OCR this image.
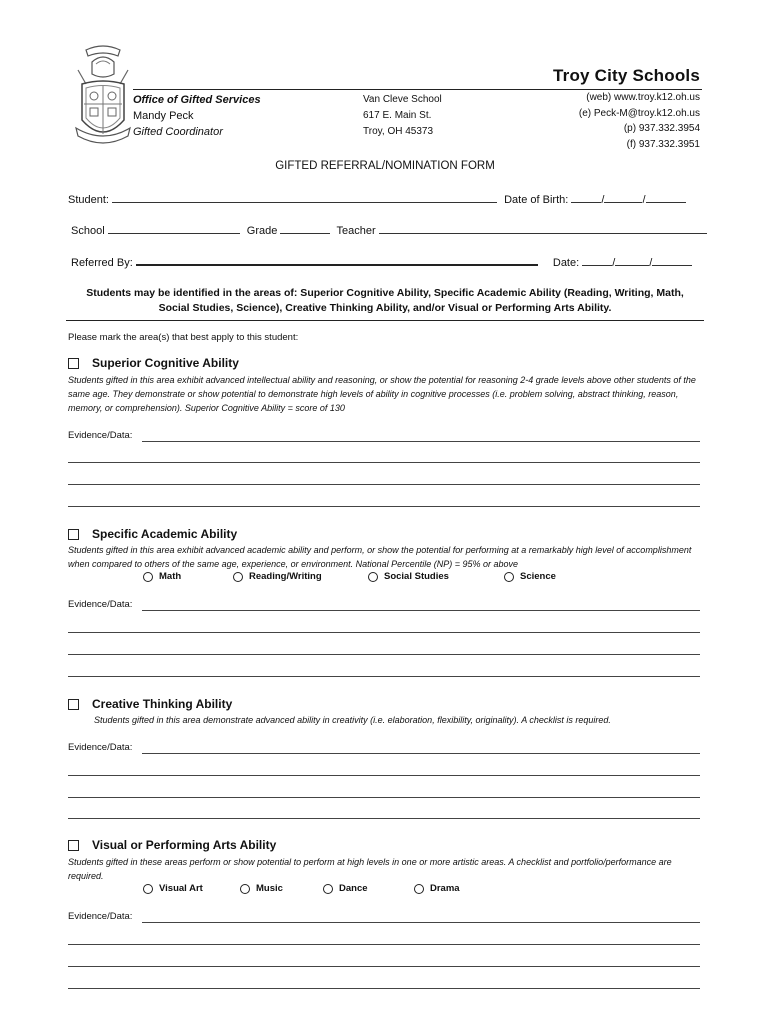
Troy City Schools
Office of Gifted Services
Mandy Peck
Gifted Coordinator
Van Cleve School
617 E. Main St.
Troy, OH 45373
(web) www.troy.k12.oh.us
(e) Peck-M@troy.k12.oh.us
(p) 937.332.3954
(f) 937.332.3951
GIFTED REFERRAL/NOMINATION FORM
Student:	Date of Birth:	/	/
School	Grade	Teacher
Referred By:	Date:	/	/
Students may be identified in the areas of: Superior Cognitive Ability, Specific Academic Ability (Reading, Writing, Math,
Social Studies, Science), Creative Thinking Ability, and/or Visual or Performing Arts Ability.
Please mark the area(s) that best apply to this student:
Superior Cognitive Ability
Students gifted in this area exhibit advanced intellectual ability and reasoning, or show the potential for reasoning 2-4 grade levels above other students of the same age. They demonstrate or show potential to demonstrate high levels of ability in cognitive processes (i.e. problem solving, abstract thinking, reason, memory, or comprehension). Superior Cognitive Ability = score of 130
Evidence/Data:
Specific Academic Ability
Students gifted in this area exhibit advanced academic ability and perform, or show the potential for performing at a remarkably high level of accomplishment when compared to others of the same age, experience, or environment. National Percentile (NP) = 95% or above
Math	Reading/Writing	Social Studies	Science
Evidence/Data:
Creative Thinking Ability
Students gifted in this area demonstrate advanced ability in creativity (i.e. elaboration, flexibility, originality). A checklist is required.
Evidence/Data:
Visual or Performing Arts Ability
Students gifted in these areas perform or show potential to perform at high levels in one or more artistic areas. A checklist and portfolio/performance are required.
Visual Art	Music	Dance	Drama
Evidence/Data:
